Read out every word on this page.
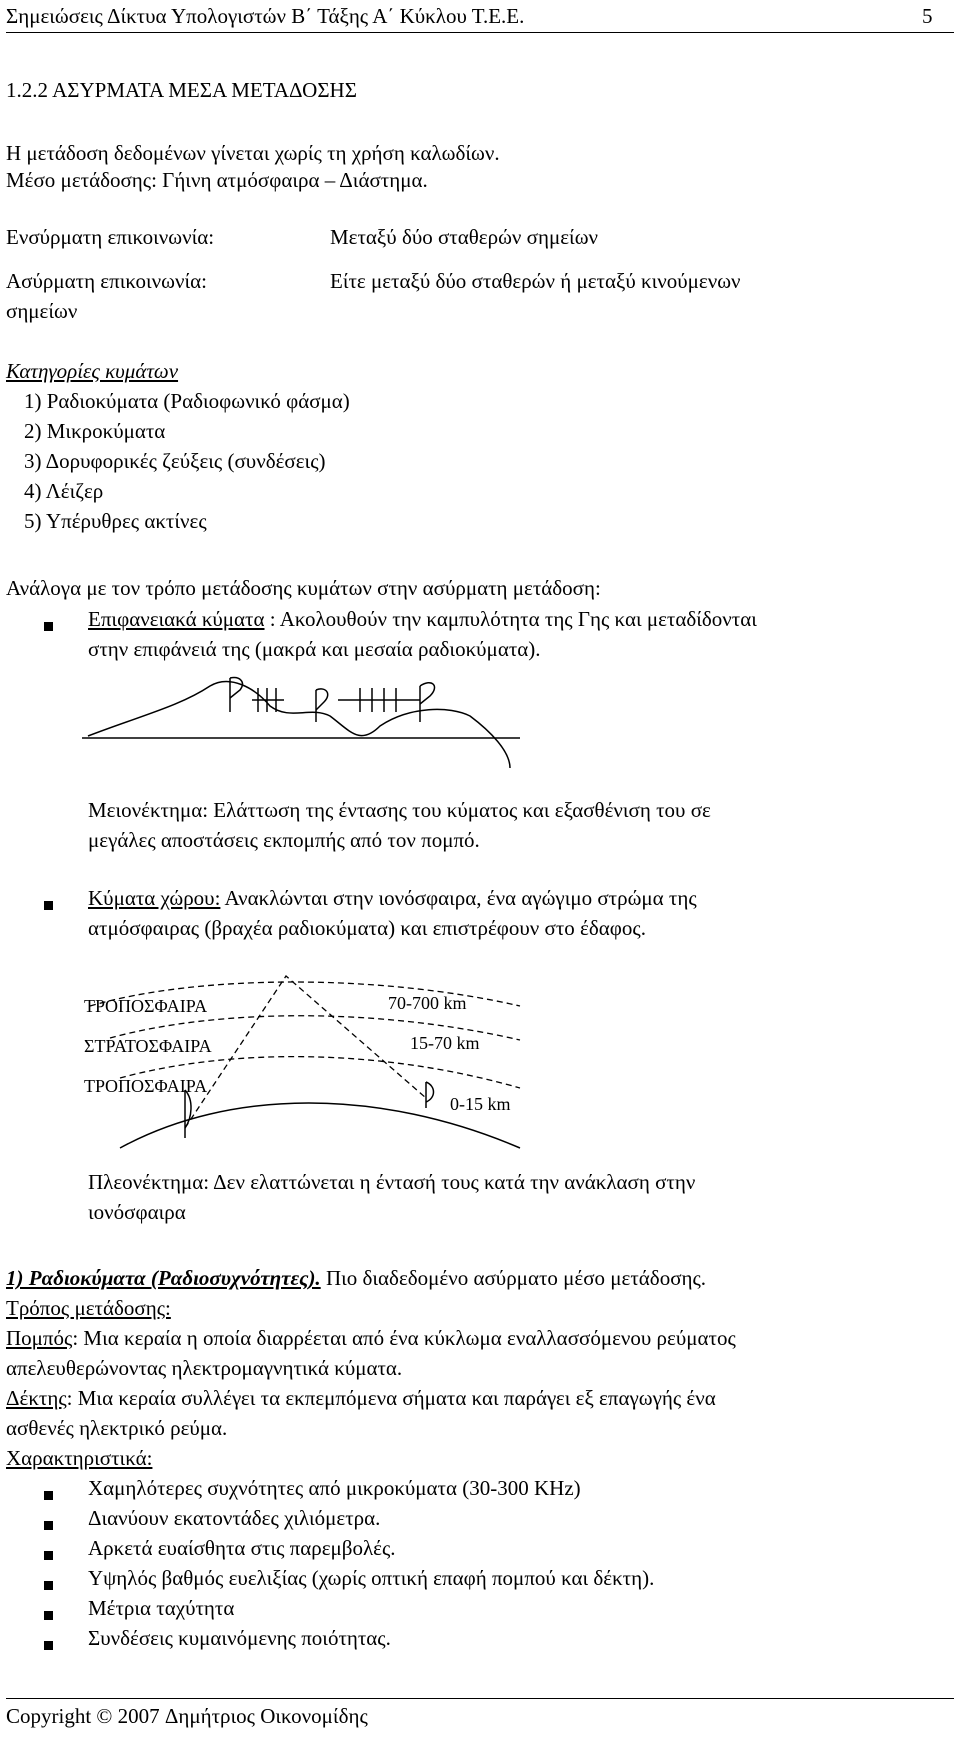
Σημειώσεις Δίκτυα Υπολογιστών Β΄ Τάξης Α΄ Κύκλου Τ.Ε.Ε.	5
1.2.2 ΑΣΥΡΜΑΤΑ ΜΕΣΑ ΜΕΤΑΔΟΣΗΣ
Η μετάδοση δεδομένων γίνεται χωρίς τη χρήση καλωδίων.
Μέσο μετάδοσης: Γήινη ατμόσφαιρα – Διάστημα.
Ενσύρματη επικοινωνία:	Μεταξύ δύο σταθερών σημείων
Ασύρματη επικοινωνία:	Είτε μεταξύ δύο σταθερών ή μεταξύ κινούμενων
σημείων
Κατηγορίες κυμάτων
1) Ραδιοκύματα (Ραδιοφωνικό φάσμα)
2) Μικροκύματα
3) Δορυφορικές ζεύξεις (συνδέσεις)
4) Λέιζερ
5) Υπέρυθρες ακτίνες
Ανάλογα με τον τρόπο μετάδοσης κυμάτων στην ασύρματη μετάδοση:
Επιφανειακά κύματα : Ακολουθούν την καμπυλότητα της Γης και μεταδίδονται
στην επιφάνειά της (μακρά και μεσαία ραδιοκύματα).
Μειονέκτημα: Ελάττωση της έντασης του κύματος και εξασθένιση του σε
μεγάλες αποστάσεις εκπομπής από τον πομπό.
Κύματα χώρου: Ανακλώνται στην ιονόσφαιρα, ένα αγώγιμο στρώμα της
ατμόσφαιρας (βραχέα ραδιοκύματα) και επιστρέφουν στο έδαφος.
ΤΡΟΠΟΣΦΑΙΡΑ
ΣΤΡΑΤΟΣΦΑΙΡΑ
ΤΡΟΠΟΣΦΑΙΡΑ
70-700 km
15-70 km
0-15 km
Πλεονέκτημα: Δεν ελαττώνεται η έντασή τους κατά την ανάκλαση στην
ιονόσφαιρα
1) Ραδιοκύματα (Ραδιοσυχνότητες). Πιο διαδεδομένο ασύρματο μέσο μετάδοσης.
Τρόπος μετάδοσης:
Πομπός: Μια κεραία η οποία διαρρέεται από ένα κύκλωμα εναλλασσόμενου ρεύματος
απελευθερώνοντας ηλεκτρομαγνητικά κύματα.
Δέκτης: Μια κεραία συλλέγει τα εκπεμπόμενα σήματα και παράγει εξ επαγωγής ένα
ασθενές ηλεκτρικό ρεύμα.
Χαρακτηριστικά:
Χαμηλότερες συχνότητες από μικροκύματα (30-300 KHz)
Διανύουν εκατοντάδες χιλιόμετρα.
Αρκετά ευαίσθητα στις παρεμβολές.
Υψηλός βαθμός ευελιξίας (χωρίς οπτική επαφή πομπού και δέκτη).
Μέτρια ταχύτητα
Συνδέσεις κυμαινόμενης ποιότητας.
Copyright © 2007 Δημήτριος Οικονομίδης
